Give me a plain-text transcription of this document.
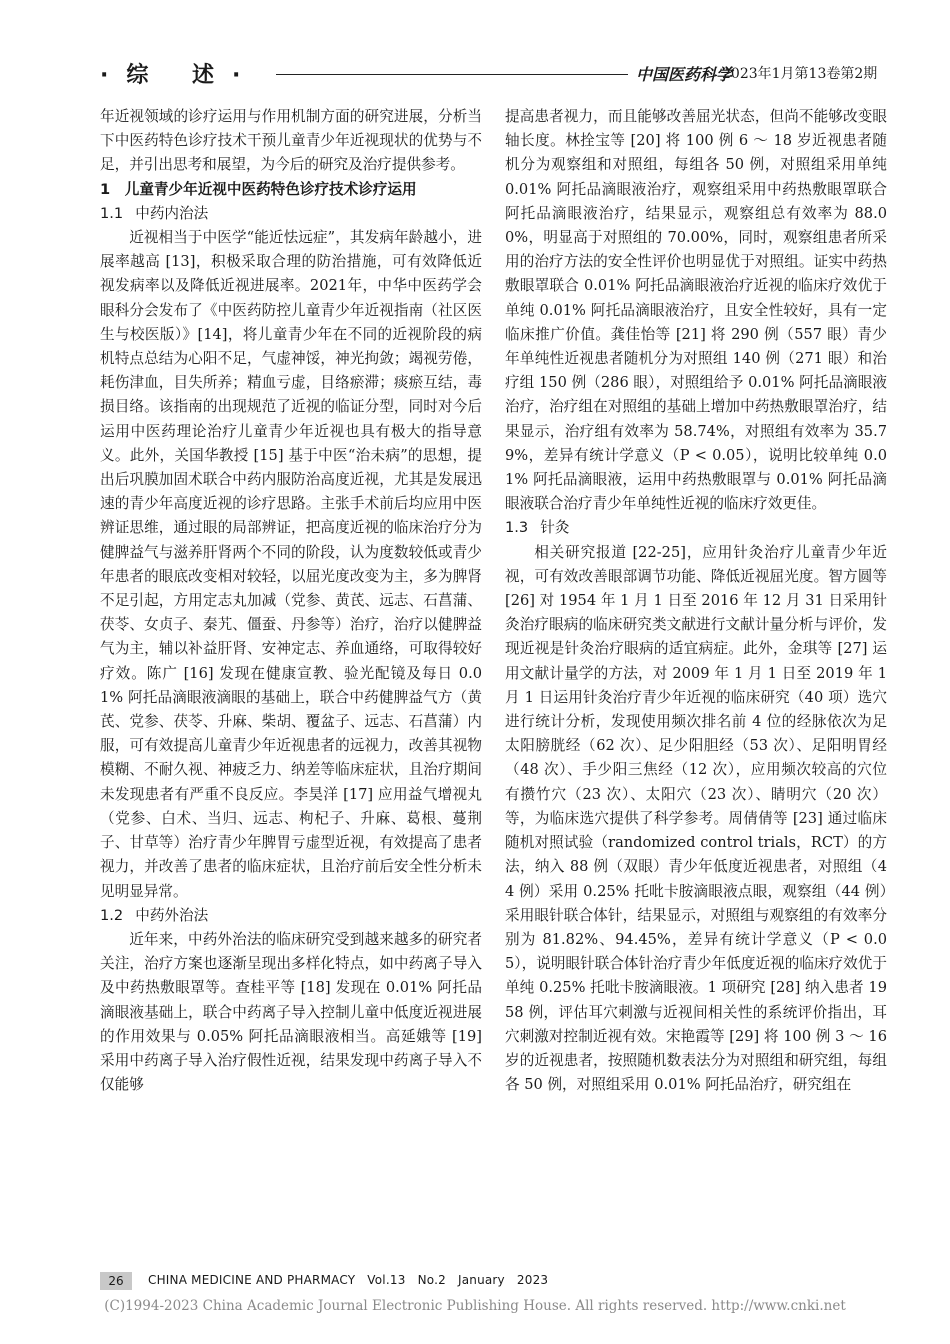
·综 述·	中国医药科学
2023年1月第13卷第2期

年近视领域的诊疗运用与作用机制方面的研究进展，分析当下中医药特色诊疗技术干预儿童青少年近视现状的优势与不足，并引出思考和展望，为今后的研究及治疗提供参考。

1　儿童青少年近视中医药特色诊疗技术诊疗运用

1.1 中药内治法

近视相当于中医学“能近怯远症”，其发病年龄越小，进展率越高 [13]，积极采取合理的防治措施，可有效降低近视发病率以及降低近视进展率。2021年，中华中医药学会眼科分会发布了《中医药防控儿童青少年近视指南（社区医生与校医版）》[14]，将儿童青少年在不同的近视阶段的病机特点总结为心阳不足，气虚神馁，神光拘敛；竭视劳倦，耗伤津血，目失所养；精血亏虚，目络瘀滞；痰瘀互结，毒损目络。该指南的出现规范了近视的临证分型，同时对今后运用中医药理论治疗儿童青少年近视也具有极大的指导意义。此外，关国华教授 [15] 基于中医“治未病”的思想，提出后巩膜加固术联合中药内服防治高度近视，尤其是发展迅速的青少年高度近视的诊疗思路。主张手术前后均应用中医辨证思维，通过眼的局部辨证，把高度近视的临床治疗分为健脾益气与滋养肝肾两个不同的阶段，认为度数较低或青少年患者的眼底改变相对较轻，以屈光度改变为主，多为脾肾不足引起，方用定志丸加减（党参、黄芪、远志、石菖蒲、茯苓、女贞子、秦艽、僵蚕、丹参等）治疗，治疗以健脾益气为主，辅以补益肝肾、安神定志、养血通络，可取得较好疗效。陈广 [16] 发现在健康宣教、验光配镜及每日 0.01% 阿托品滴眼液滴眼的基础上，联合中药健脾益气方（黄芪、党参、茯苓、升麻、柴胡、覆盆子、远志、石菖蒲）内服，可有效提高儿童青少年近视患者的远视力，改善其视物模糊、不耐久视、神疲乏力、纳差等临床症状，且治疗期间未发现患者有严重不良反应。李昊洋 [17] 应用益气增视丸（党参、白术、当归、远志、枸杞子、升麻、葛根、蔓荆子、甘草等）治疗青少年脾胃亏虚型近视，有效提高了患者视力，并改善了患者的临床症状，且治疗前后安全性分析未见明显异常。

1.2 中药外治法

近年来，中药外治法的临床研究受到越来越多的研究者关注，治疗方案也逐渐呈现出多样化特点，如中药离子导入及中药热敷眼罩等。查桂平等 [18] 发现在 0.01% 阿托品滴眼液基础上，联合中药离子导入控制儿童中低度近视进展的作用效果与 0.05% 阿托品滴眼液相当。高延娥等 [19] 采用中药离子导入治疗假性近视，结果发现中药离子导入不仅能够

提高患者视力，而且能够改善屈光状态，但尚不能够改变眼轴长度。林拴宝等 [20] 将 100 例 6 ～ 18 岁近视患者随机分为观察组和对照组，每组各 50 例，对照组采用单纯 0.01% 阿托品滴眼液治疗，观察组采用中药热敷眼罩联合阿托品滴眼液治疗，结果显示，观察组总有效率为 88.00%，明显高于对照组的 70.00%，同时，观察组患者所采用的治疗方法的安全性评价也明显优于对照组。证实中药热敷眼罩联合 0.01% 阿托品滴眼液治疗近视的临床疗效优于单纯 0.01% 阿托品滴眼液治疗，且安全性较好，具有一定临床推广价值。龚佳怡等 [21] 将 290 例（557 眼）青少年单纯性近视患者随机分为对照组 140 例（271 眼）和治疗组 150 例（286 眼），对照组给予 0.01% 阿托品滴眼液治疗，治疗组在对照组的基础上增加中药热敷眼罩治疗，结果显示，治疗组有效率为 58.74%，对照组有效率为 35.79%，差异有统计学意义（P < 0.05），说明比较单纯 0.01% 阿托品滴眼液，运用中药热敷眼罩与 0.01% 阿托品滴眼液联合治疗青少年单纯性近视的临床疗效更佳。

1.3 针灸

相关研究报道 [22-25]，应用针灸治疗儿童青少年近视，可有效改善眼部调节功能、降低近视屈光度。智方圆等 [26] 对 1954 年 1 月 1 日至 2016 年 12 月 31 日采用针灸治疗眼病的临床研究类文献进行文献计量分析与评价，发现近视是针灸治疗眼病的适宜病症。此外，金琪等 [27] 运用文献计量学的方法，对 2009 年 1 月 1 日至 2019 年 1 月 1 日运用针灸治疗青少年近视的临床研究（40 项）选穴进行统计分析，发现使用频次排名前 4 位的经脉依次为足太阳膀胱经（62 次）、足少阳胆经（53 次）、足阳明胃经（48 次）、手少阳三焦经（12 次），应用频次较高的穴位有攒竹穴（23 次）、太阳穴（23 次）、睛明穴（20 次）等，为临床选穴提供了科学参考。周倩倩等 [23] 通过临床随机对照试验（randomized control trials，RCT）的方法，纳入 88 例（双眼）青少年低度近视患者，对照组（44 例）采用 0.25% 托吡卡胺滴眼液点眼，观察组（44 例）采用眼针联合体针，结果显示，对照组与观察组的有效率分别为 81.82%、94.45%，差异有统计学意义（P < 0.05），说明眼针联合体针治疗青少年低度近视的临床疗效优于单纯 0.25% 托吡卡胺滴眼液。1 项研究 [28] 纳入患者 1958 例，评估耳穴刺激与近视间相关性的系统评价指出，耳穴刺激对控制近视有效。宋艳霞等 [29] 将 100 例 3 ～ 16 岁的近视患者，按照随机数表法分为对照组和研究组，每组各 50 例，对照组采用 0.01% 阿托品治疗，研究组在

26	CHINA MEDICINE AND PHARMACY   Vol.13   No.2   January   2023
(C)1994-2023 China Academic Journal Electronic Publishing House. All rights reserved. http://www.cnki.net
